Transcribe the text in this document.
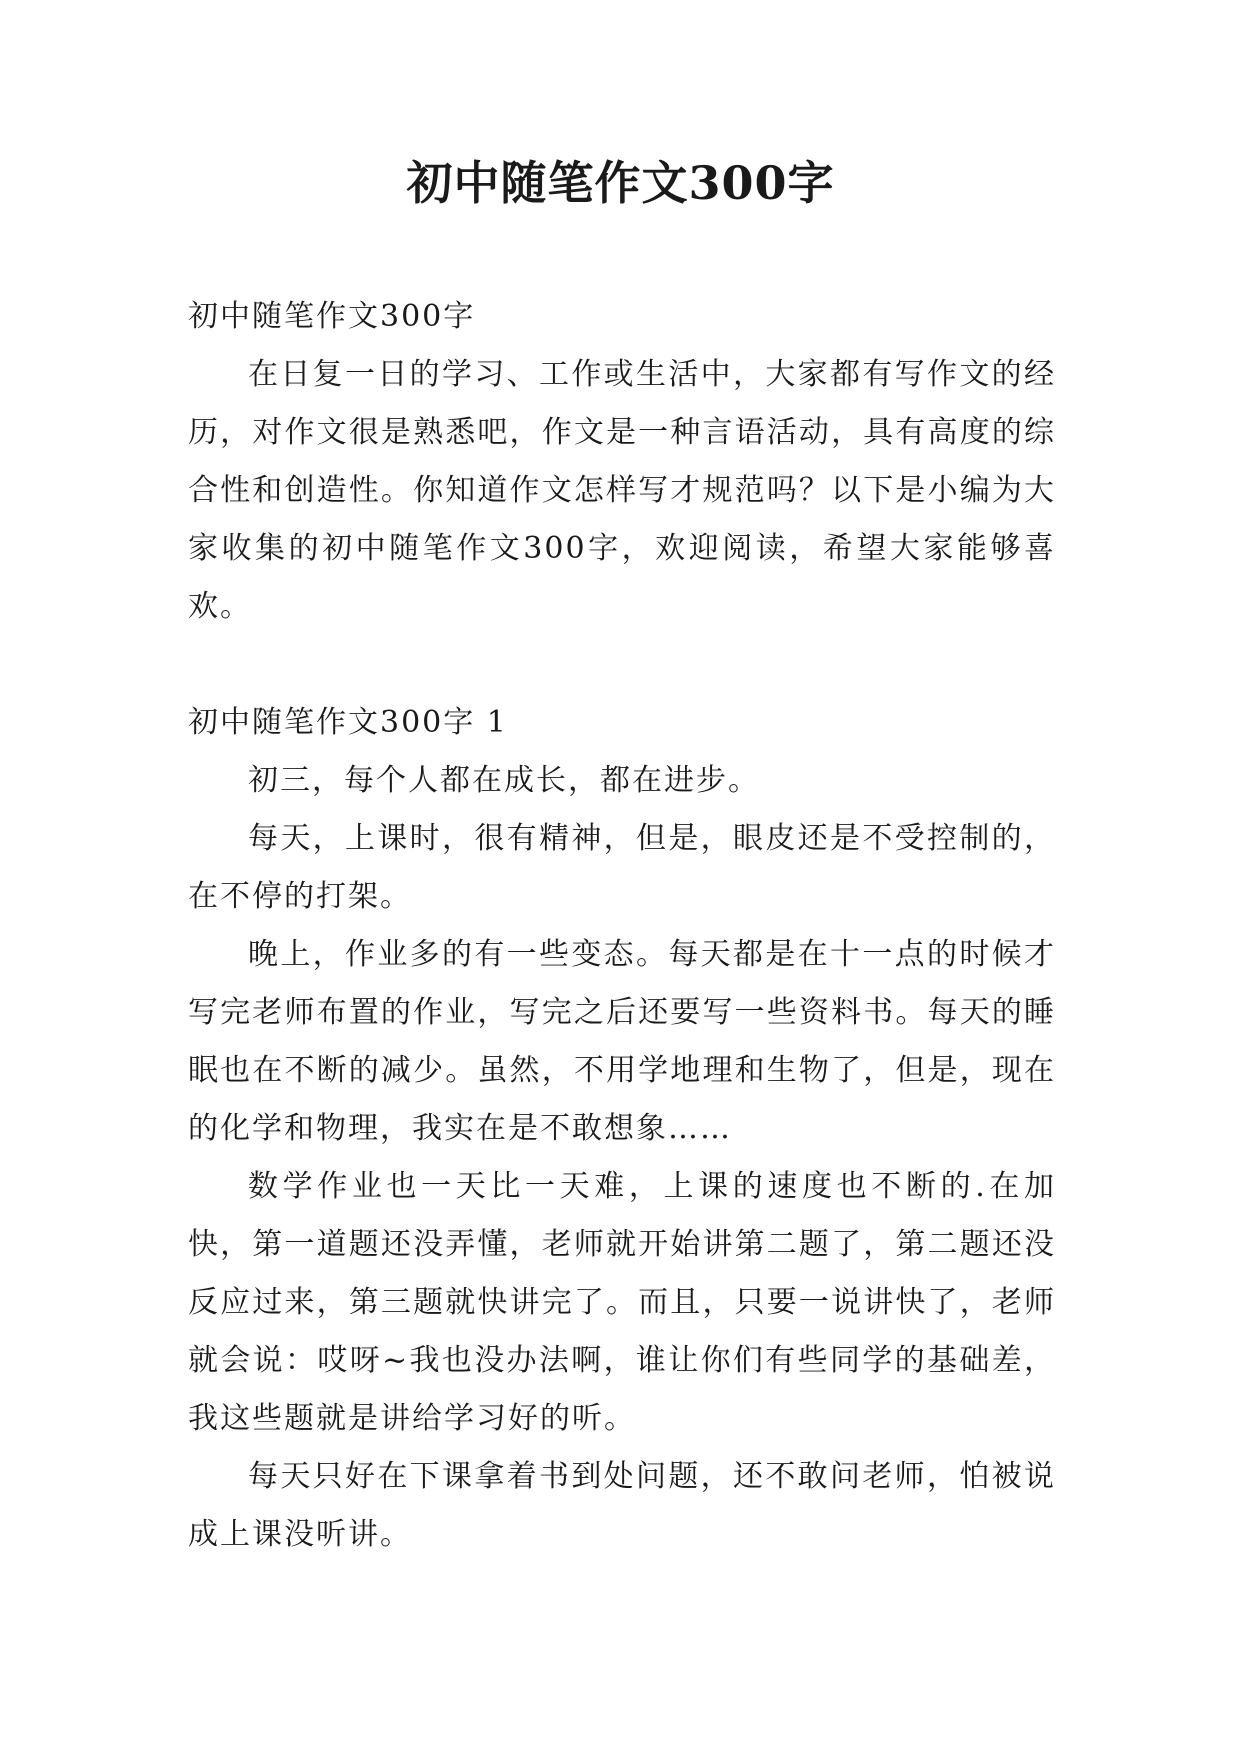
初中随笔作文300字

初中随笔作文300字

在日复一日的学习、工作或生活中，大家都有写作文的经历，对作文很是熟悉吧，作文是一种言语活动，具有高度的综合性和创造性。你知道作文怎样写才规范吗？以下是小编为大家收集的初中随笔作文300字，欢迎阅读，希望大家能够喜欢。

初中随笔作文300字 1

初三，每个人都在成长，都在进步。

每天，上课时，很有精神，但是，眼皮还是不受控制的，在不停的打架。

晚上，作业多的有一些变态。每天都是在十一点的时候才写完老师布置的作业，写完之后还要写一些资料书。每天的睡眠也在不断的减少。虽然，不用学地理和生物了，但是，现在的化学和物理，我实在是不敢想象……

数学作业也一天比一天难，上课的速度也不断的.在加快，第一道题还没弄懂，老师就开始讲第二题了，第二题还没反应过来，第三题就快讲完了。而且，只要一说讲快了，老师就会说：哎呀~我也没办法啊，谁让你们有些同学的基础差，我这些题就是讲给学习好的听。

每天只好在下课拿着书到处问题，还不敢问老师，怕被说成上课没听讲。
